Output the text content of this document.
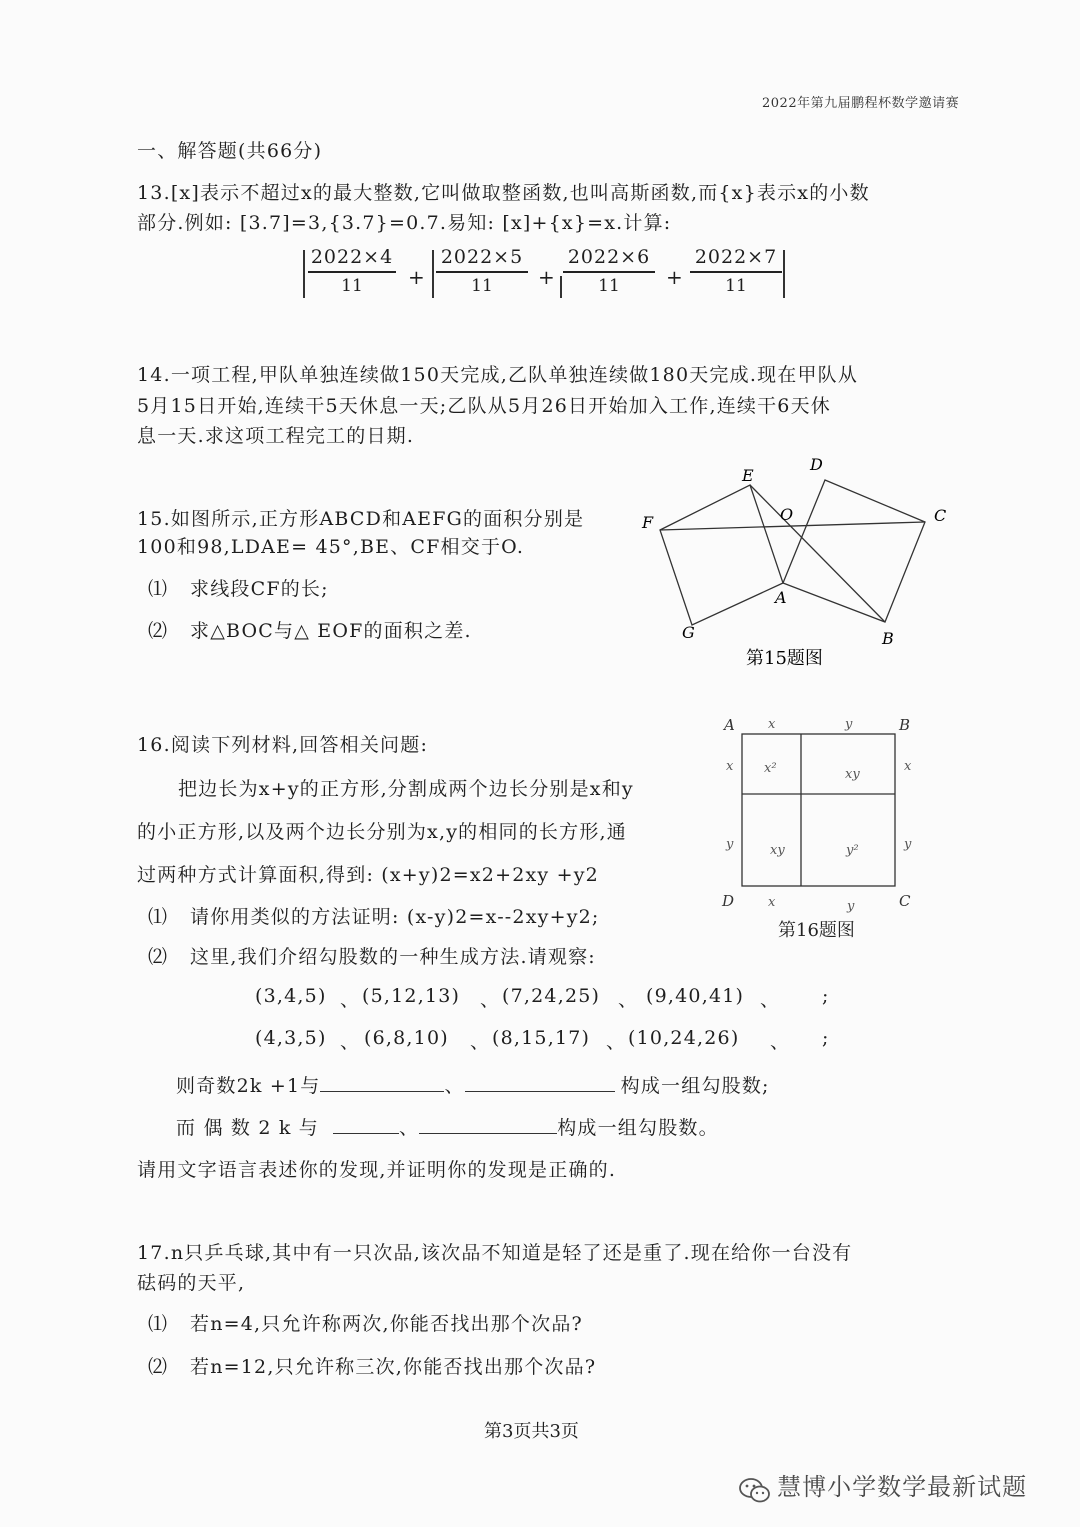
2022年第九届鹏程杯数学邀请赛
一、解答题(共66分)
13.[x]表示不超过x的最大整数,它叫做取整函数,也叫高斯函数,而{x}表示x的小数
部分.例如: [3.7]=3,{3.7}=0.7.易知: [x]+{x}=x.计算:
2022×4
11	+
2022×5
11	+
2022×6
11	+
2022×7
11
14.一项工程,甲队单独连续做150天完成,乙队单独连续做180天完成.现在甲队从
5月15日开始,连续干5天休息一天;乙队从5月26日开始加入工作,连续干6天休
息一天.求这项工程完工的日期.
15.如图所示,正方形ABCD和AEFG的面积分别是
100和98,LDAE= 45°,BE、CF相交于O.
⑴ 求线段CF的长;
⑵ 求△BOC与△ EOF的面积之差.
F
E
D
O	C
A
G	B
第15题图
16.阅读下列材料,回答相关问题:
把边长为x+y的正方形,分割成两个边长分别是x和y
的小正方形,以及两个边长分别为x,y的相同的长方形,通
过两种方式计算面积,得到: (x+y)2=x2+2xy +y2
⑴ 请你用类似的方法证明: (x-y)2=x--2xy+y2;
⑵ 这里,我们介绍勾股数的一种生成方法.请观察:
(3,4,5) 、 (5,12,13) 、 (7,24,25) 、 (9,40,41) 、 ;
(4,3,5) 、 (6,8,10) 、 (8,15,17) 、 (10,24,26) 、 ;
则奇数2k +1与	、	构成一组勾股数;
而 偶 数 2 k 与	、	构成一组勾股数。
请用文字语言表述你的发现,并证明你的发现是正确的.
A	B
D	C
x	y
x
y
x
y
x	y
x²	xy
xy	y²
第16题图
17.n只乒乓球,其中有一只次品,该次品不知道是轻了还是重了.现在给你一台没有
砝码的天平,
⑴ 若n=4,只允许称两次,你能否找出那个次品?
⑵ 若n=12,只允许称三次,你能否找出那个次品?
第3页共3页
慧博小学数学最新试题
